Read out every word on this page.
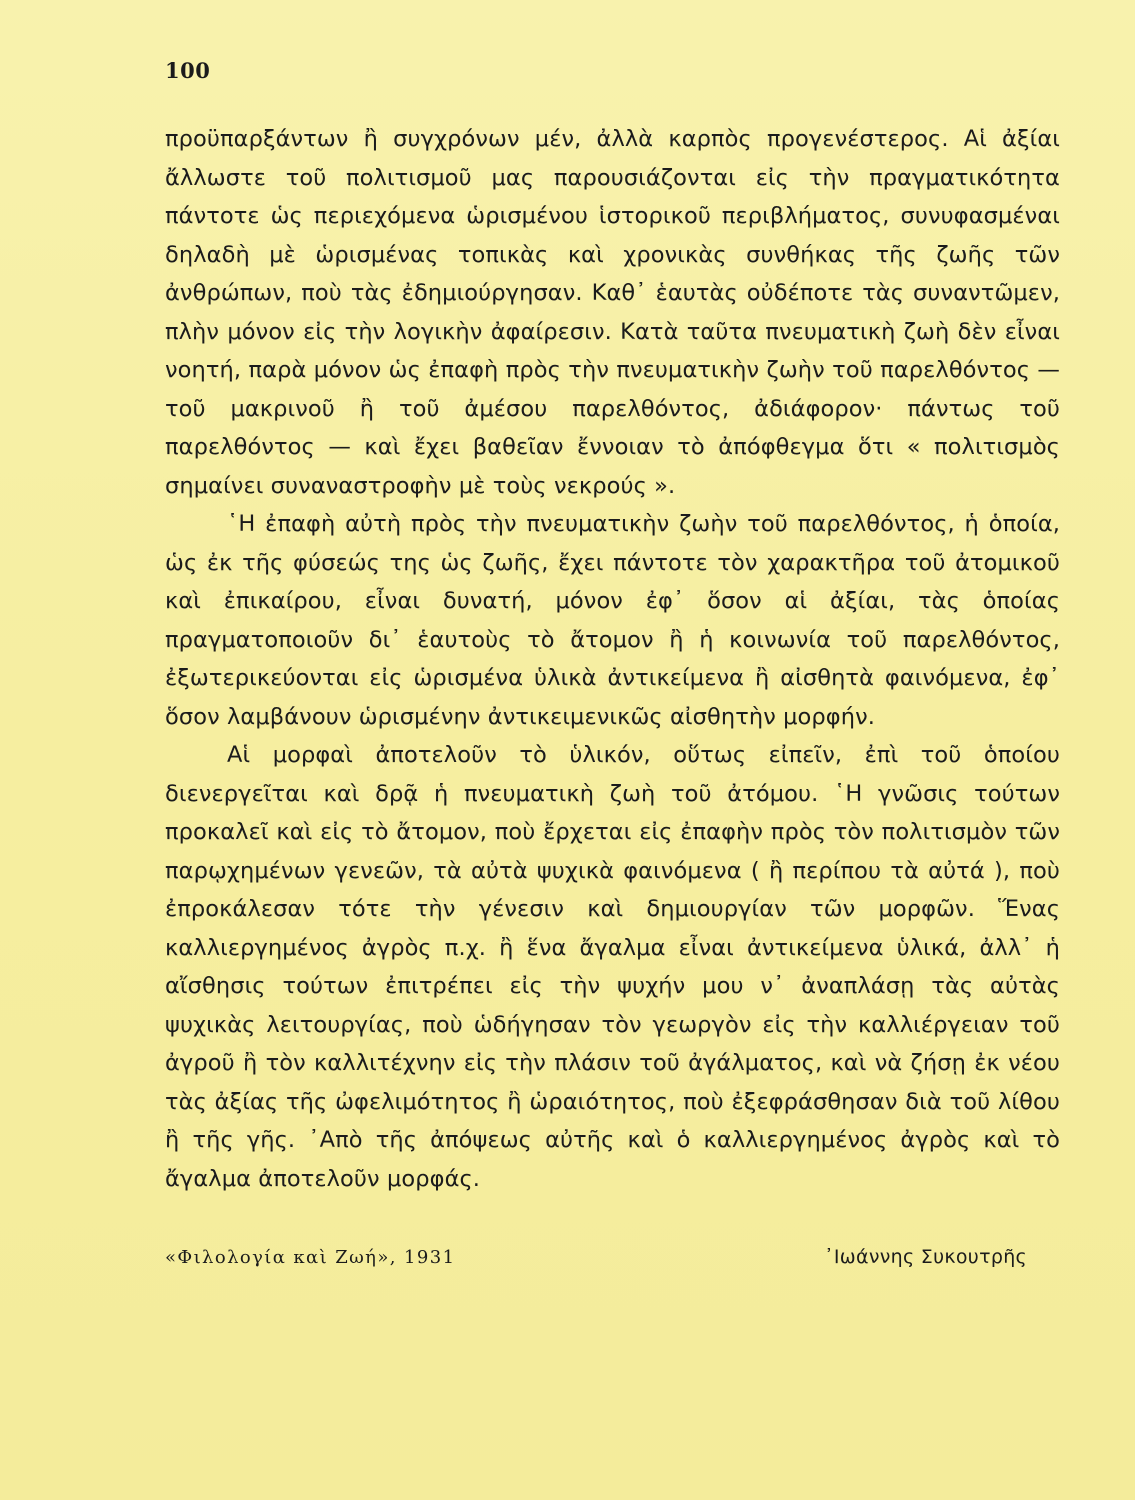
100

προϋπαρξάντων ἢ συγχρόνων μέν, ἀλλὰ καρπὸς προγενέστερος. Αἱ ἀξίαι ἄλλωστε τοῦ πολιτισμοῦ μας παρουσιάζονται εἰς τὴν πραγματικότητα πάντοτε ὡς περιεχόμενα ὡρισμένου ἱστορικοῦ περιβλήματος, συνυφασμέναι δηλαδὴ μὲ ὡρισμένας τοπικὰς καὶ χρονικὰς συνθήκας τῆς ζωῆς τῶν ἀνθρώπων, ποὺ τὰς ἐδημιούργησαν. Καθ᾽ ἑαυτὰς οὐδέποτε τὰς συναντῶμεν, πλὴν μόνον εἰς τὴν λογικὴν ἀφαίρεσιν. Κατὰ ταῦτα πνευματικὴ ζωὴ δὲν εἶναι νοητή, παρὰ μόνον ὡς ἐπαφὴ πρὸς τὴν πνευματικὴν ζωὴν τοῦ παρελθόντος — τοῦ μακρινοῦ ἢ τοῦ ἀμέσου παρελθόντος, ἀδιάφορον· πάντως τοῦ παρελθόντος — καὶ ἔχει βαθεῖαν ἔννοιαν τὸ ἀπόφθεγμα ὅτι « πολιτισμὸς σημαίνει συναναστροφὴν μὲ τοὺς νεκρούς ».

῾Η ἐπαφὴ αὐτὴ πρὸς τὴν πνευματικὴν ζωὴν τοῦ παρελθόντος, ἡ ὁποία, ὡς ἐκ τῆς φύσεώς της ὡς ζωῆς, ἔχει πάντοτε τὸν χαρακτῆρα τοῦ ἀτομικοῦ καὶ ἐπικαίρου, εἶναι δυνατή, μόνον ἐφ᾽ ὅσον αἱ ἀξίαι, τὰς ὁποίας πραγματοποιοῦν δι᾽ ἑαυτοὺς τὸ ἄτομον ἢ ἡ κοινωνία τοῦ παρελθόντος, ἐξωτερικεύονται εἰς ὡρισμένα ὑλικὰ ἀντικείμενα ἢ αἰσθητὰ φαινόμενα, ἐφ᾽ ὅσον λαμβάνουν ὡρισμένην ἀντικειμενικῶς αἰσθητὴν μορφήν.

Αἱ μορφαὶ ἀποτελοῦν τὸ ὑλικόν, οὕτως εἰπεῖν, ἐπὶ τοῦ ὁποίου διενεργεῖται καὶ δρᾷ ἡ πνευματικὴ ζωὴ τοῦ ἀτόμου. ῾Η γνῶσις τούτων προκαλεῖ καὶ εἰς τὸ ἄτομον, ποὺ ἔρχεται εἰς ἐπαφὴν πρὸς τὸν πολιτισμὸν τῶν παρῳχημένων γενεῶν, τὰ αὐτὰ ψυχικὰ φαινόμενα ( ἢ περίπου τὰ αὐτά ), ποὺ ἐπροκάλεσαν τότε τὴν γένεσιν καὶ δημιουργίαν τῶν μορφῶν. Ἕνας καλλιεργημένος ἀγρὸς π.χ. ἢ ἕνα ἄγαλμα εἶναι ἀντικείμενα ὑλικά, ἀλλ᾽ ἡ αἴσθησις τούτων ἐπιτρέπει εἰς τὴν ψυχήν μου ν᾽ ἀναπλάσῃ τὰς αὐτὰς ψυχικὰς λειτουργίας, ποὺ ὡδήγησαν τὸν γεωργὸν εἰς τὴν καλλιέργειαν τοῦ ἀγροῦ ἢ τὸν καλλιτέχνην εἰς τὴν πλάσιν τοῦ ἀγάλματος, καὶ νὰ ζήσῃ ἐκ νέου τὰς ἀξίας τῆς ὠφελιμότητος ἢ ὡραιότητος, ποὺ ἐξεφράσθησαν διὰ τοῦ λίθου ἢ τῆς γῆς. ᾽Απὸ τῆς ἀπόψεως αὐτῆς καὶ ὁ καλλιεργημένος ἀγρὸς καὶ τὸ ἄγαλμα ἀποτελοῦν μορφάς.

«Φιλολογία καὶ Ζωή», 1931	᾽Ιωάννης Συκουτρῆς
